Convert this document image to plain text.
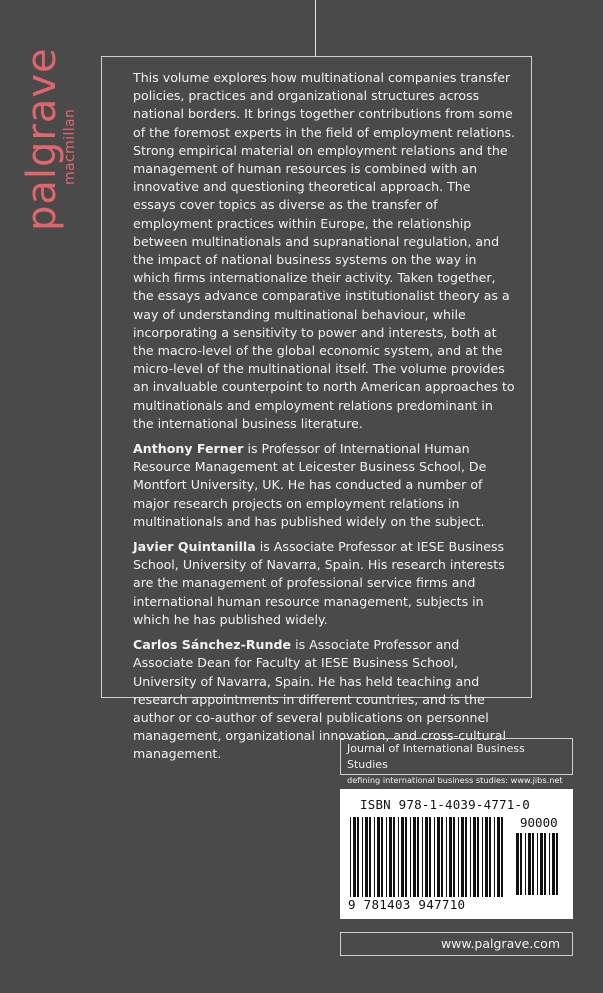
palgrave
macmillan

This volume explores how multinational companies transfer policies, practices and organizational structures across national borders. It brings together contributions from some of the foremost experts in the field of employment relations. Strong empirical material on employment relations and the management of human resources is combined with an innovative and questioning theoretical approach. The essays cover topics as diverse as the transfer of employment practices within Europe, the relationship between multinationals and supranational regulation, and the impact of national business systems on the way in which firms internationalize their activity. Taken together, the essays advance comparative institutionalist theory as a way of understanding multinational behaviour, while incorporating a sensitivity to power and interests, both at the macro-level of the global economic system, and at the micro-level of the multinational itself. The volume provides an invaluable counterpoint to north American approaches to multinationals and employment relations predominant in the international business literature.

Anthony Ferner is Professor of International Human Resource Management at Leicester Business School, De Montfort University, UK. He has conducted a number of major research projects on employment relations in multinationals and has published widely on the subject.

Javier Quintanilla is Associate Professor at IESE Business School, University of Navarra, Spain. His research interests are the management of professional service firms and international human resource management, subjects in which he has published widely.

Carlos Sánchez-Runde is Associate Professor and Associate Dean for Faculty at IESE Business School, University of Navarra, Spain. He has held teaching and research appointments in different countries, and is the author or co-author of several publications on personnel management, organizational innovation, and cross-cultural management.	Journal of International Business Studies
defining international business studies: www.jibs.net
ISBN 978-1-4039-4771-0
90000
9 781403 947710
www.palgrave.com
